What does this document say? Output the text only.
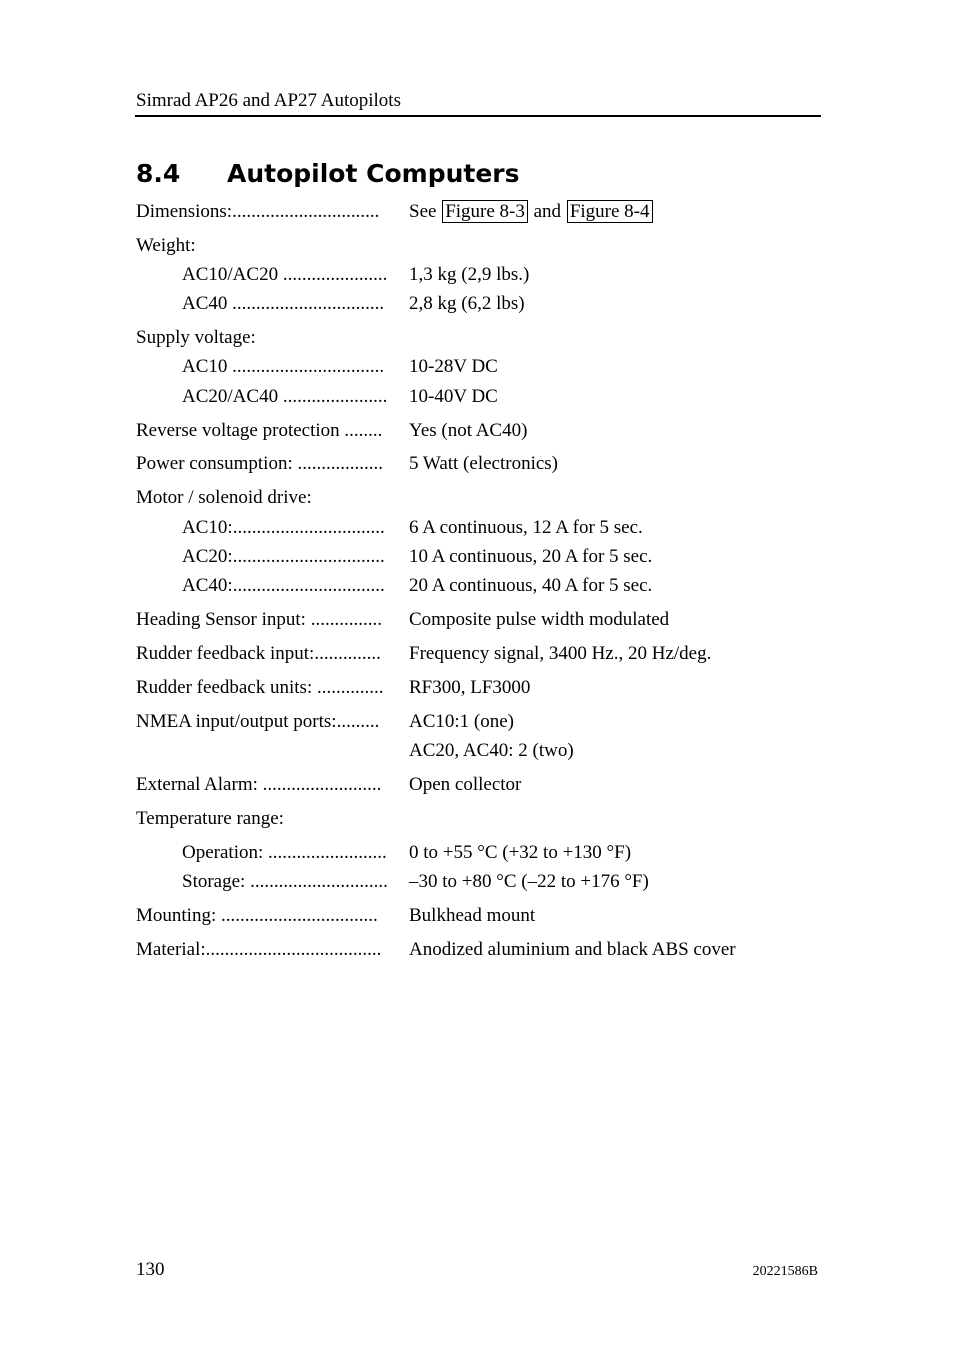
Simrad AP26 and AP27 Autopilots
8.4 Autopilot Computers
Dimensions:...............................	See Figure 8-3 and Figure 8-4
Weight:
AC10/AC20 ......................	1,3 kg (2,9 lbs.)
AC40 ................................	2,8 kg (6,2 lbs)
Supply voltage:
AC10 ................................	10-28V DC
AC20/AC40 ......................	10-40V DC
Reverse voltage protection ........	Yes (not AC40)
Power consumption: ..................	5 Watt (electronics)
Motor / solenoid drive:
AC10:................................	6 A continuous, 12 A for 5 sec.
AC20:................................	10 A continuous, 20 A for 5 sec.
AC40:................................	20 A continuous, 40 A for 5 sec.
Heading Sensor input: ...............	Composite pulse width modulated
Rudder feedback input:..............	Frequency signal, 3400 Hz., 20 Hz/deg.
Rudder feedback units: ..............	RF300, LF3000
NMEA input/output ports:.........	AC10:1 (one)
AC20, AC40: 2 (two)
External Alarm: .........................	Open collector
Temperature range:
Operation: .........................	0 to +55 °C (+32 to +130 °F)
Storage: .............................	–30 to +80 °C (–22 to +176 °F)
Mounting: .................................	Bulkhead mount
Material:.....................................	Anodized aluminium and black ABS cover
130	20221586B
